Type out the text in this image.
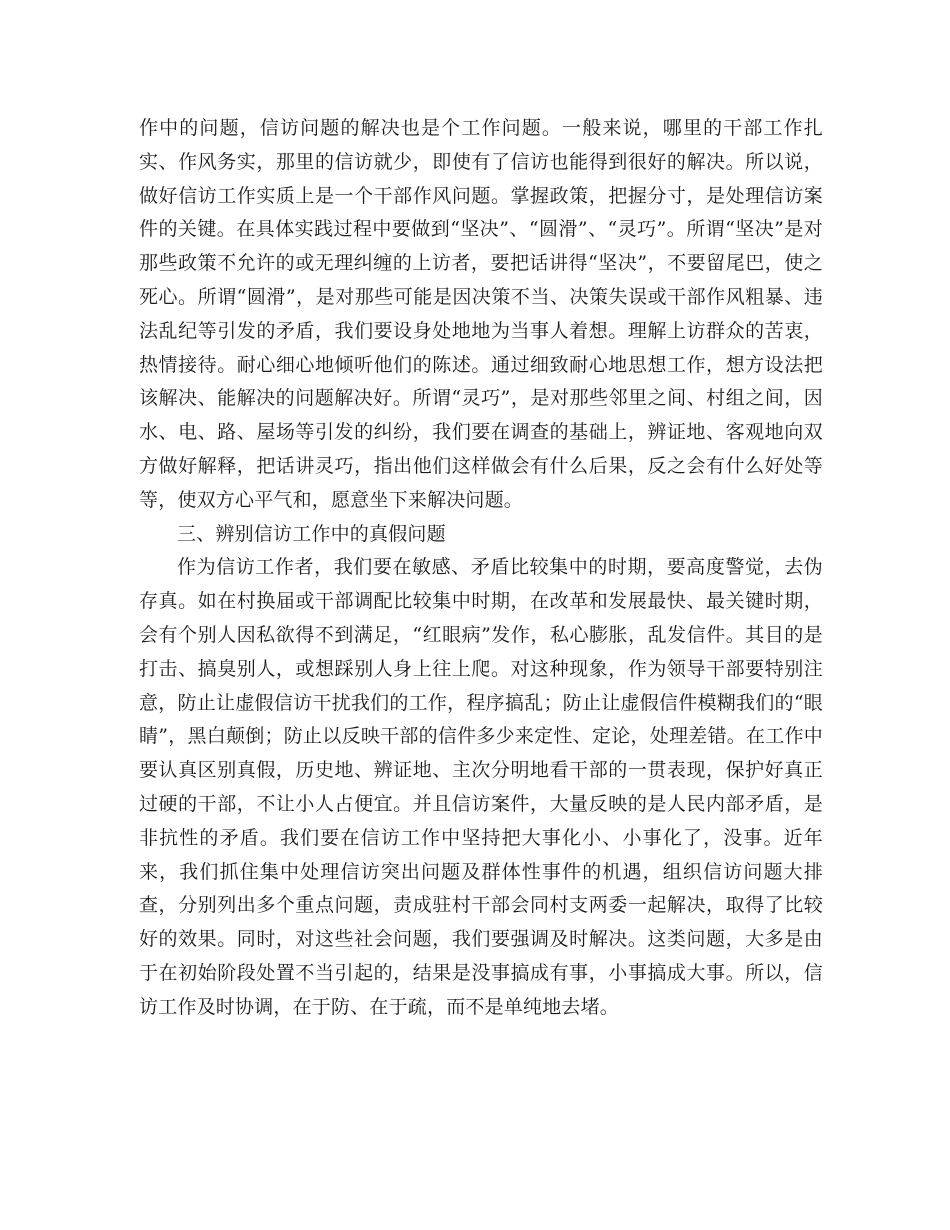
作中的问题，信访问题的解决也是个工作问题。一般来说，哪里的干部工作扎实、作风务实，那里的信访就少，即使有了信访也能得到很好的解决。所以说，做好信访工作实质上是一个干部作风问题。掌握政策，把握分寸，是处理信访案件的关键。在具体实践过程中要做到“坚决”、“圆滑”、“灵巧”。所谓“坚决”是对那些政策不允许的或无理纠缠的上访者，要把话讲得“坚决”，不要留尾巴，使之死心。所谓“圆滑”，是对那些可能是因决策不当、决策失误或干部作风粗暴、违法乱纪等引发的矛盾，我们要设身处地地为当事人着想。理解上访群众的苦衷，热情接待。耐心细心地倾听他们的陈述。通过细致耐心地思想工作，想方设法把该解决、能解决的问题解决好。所谓“灵巧”，是对那些邻里之间、村组之间，因水、电、路、屋场等引发的纠纷，我们要在调查的基础上，辨证地、客观地向双方做好解释，把话讲灵巧，指出他们这样做会有什么后果，反之会有什么好处等等，使双方心平气和，愿意坐下来解决问题。

三、辨别信访工作中的真假问题

作为信访工作者，我们要在敏感、矛盾比较集中的时期，要高度警觉，去伪存真。如在村换届或干部调配比较集中时期，在改革和发展最快、最关键时期，会有个别人因私欲得不到满足，“红眼病”发作，私心膨胀，乱发信件。其目的是打击、搞臭别人，或想踩别人身上往上爬。对这种现象，作为领导干部要特别注意，防止让虚假信访干扰我们的工作，程序搞乱；防止让虚假信件模糊我们的“眼睛”，黑白颠倒；防止以反映干部的信件多少来定性、定论，处理差错。在工作中要认真区别真假，历史地、辨证地、主次分明地看干部的一贯表现，保护好真正过硬的干部，不让小人占便宜。并且信访案件，大量反映的是人民内部矛盾，是非抗性的矛盾。我们要在信访工作中坚持把大事化小、小事化了，没事。近年来，我们抓住集中处理信访突出问题及群体性事件的机遇，组织信访问题大排查，分别列出多个重点问题，责成驻村干部会同村支两委一起解决，取得了比较好的效果。同时，对这些社会问题，我们要强调及时解决。这类问题，大多是由于在初始阶段处置不当引起的，结果是没事搞成有事，小事搞成大事。所以，信访工作及时协调，在于防、在于疏，而不是单纯地去堵。
